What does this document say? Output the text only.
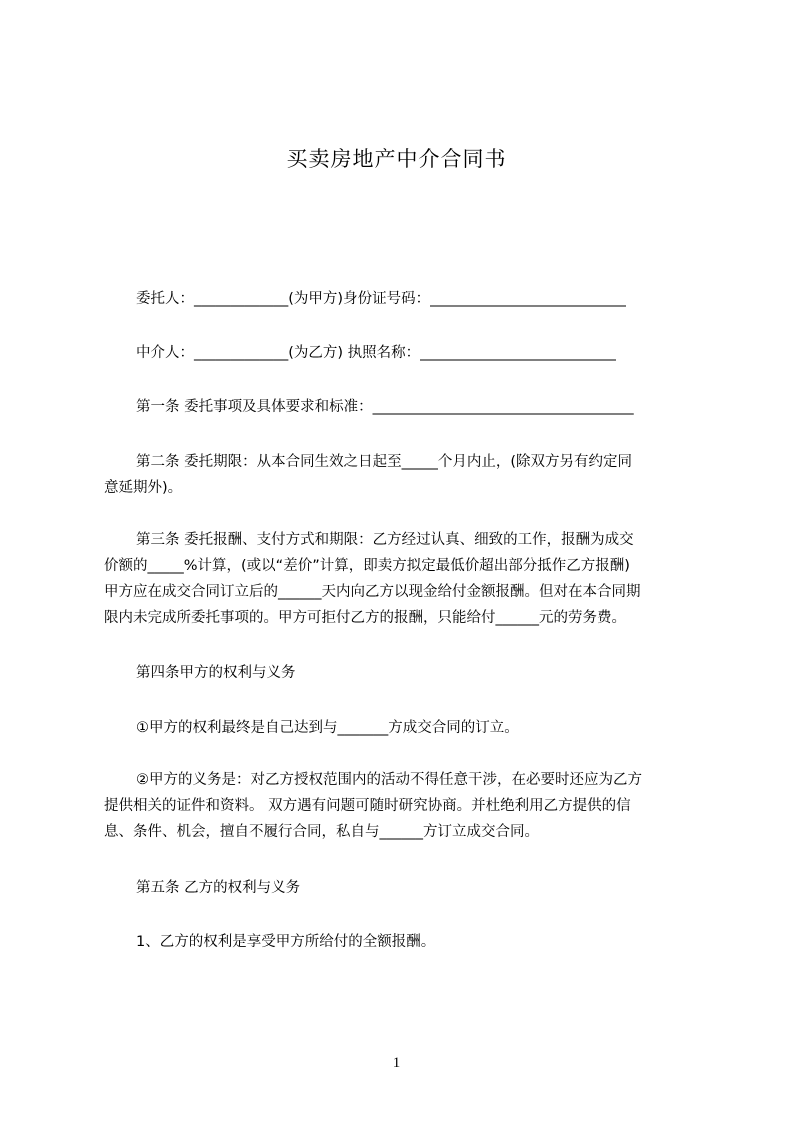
买卖房地产中介合同书
委托人：_____________(为甲方)身份证号码：___________________________
中介人：_____________(为乙方) 执照名称：___________________________
第一条 委托事项及具体要求和标准：____________________________________
第二条 委托期限：从本合同生效之日起至_____个月内止，(除双方另有约定同
意延期外)。
第三条 委托报酬、支付方式和期限：乙方经过认真、细致的工作，报酬为成交
价额的_____%计算，(或以“差价”计算，即卖方拟定最低价超出部分抵作乙方报酬)
甲方应在成交合同订立后的______天内向乙方以现金给付金额报酬。但对在本合同期
限内未完成所委托事项的。甲方可拒付乙方的报酬，只能给付______元的劳务费。
第四条甲方的权利与义务
①甲方的权利最终是自己达到与_______方成交合同的订立。
②甲方的义务是：对乙方授权范围内的活动不得任意干涉，在必要时还应为乙方
提供相关的证件和资料。 双方遇有问题可随时研究协商。并杜绝利用乙方提供的信
息、条件、机会，擅自不履行合同，私自与______方订立成交合同。
第五条 乙方的权利与义务
1、乙方的权利是享受甲方所给付的全额报酬。
1
